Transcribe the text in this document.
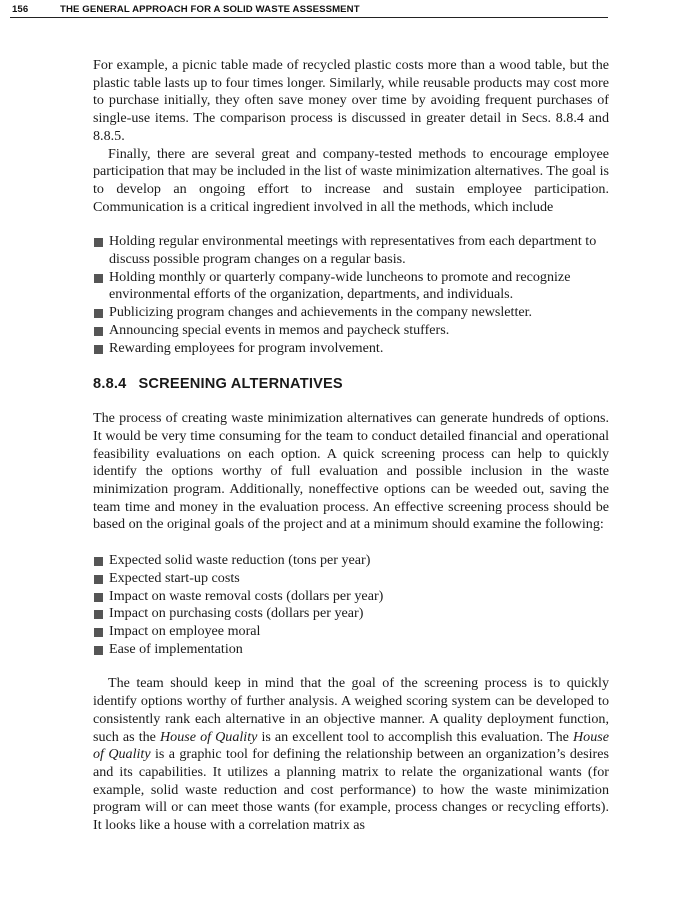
156	THE GENERAL APPROACH FOR A SOLID WASTE ASSESSMENT

For example, a picnic table made of recycled plastic costs more than a wood table, but the plastic table lasts up to four times longer. Similarly, while reusable products may cost more to purchase initially, they often save money over time by avoiding frequent purchases of single-use items. The comparison process is discussed in greater detail in Secs. 8.8.4 and 8.8.5.

Finally, there are several great and company-tested methods to encourage employee participation that may be included in the list of waste minimization alternatives. The goal is to develop an ongoing effort to increase and sustain employee participation. Communication is a critical ingredient involved in all the methods, which include

Holding regular environmental meetings with representatives from each department to discuss possible program changes on a regular basis.
Holding monthly or quarterly company-wide luncheons to promote and recognize environmental efforts of the organization, departments, and individuals.
Publicizing program changes and achievements in the company newsletter.
Announcing special events in memos and paycheck stuffers.
Rewarding employees for program involvement.
8.8.4 SCREENING ALTERNATIVES

The process of creating waste minimization alternatives can generate hundreds of options. It would be very time consuming for the team to conduct detailed financial and operational feasibility evaluations on each option. A quick screening process can help to quickly identify the options worthy of full evaluation and possible inclusion in the waste minimization program. Additionally, noneffective options can be weeded out, saving the team time and money in the evaluation process. An effective screening process should be based on the original goals of the project and at a minimum should examine the following:

Expected solid waste reduction (tons per year)
Expected start-up costs
Impact on waste removal costs (dollars per year)
Impact on purchasing costs (dollars per year)
Impact on employee moral
Ease of implementation

The team should keep in mind that the goal of the screening process is to quickly identify options worthy of further analysis. A weighed scoring system can be developed to consistently rank each alternative in an objective manner. A quality deployment function, such as the House of Quality is an excellent tool to accomplish this evaluation. The House of Quality is a graphic tool for defining the relationship between an organization’s desires and its capabilities. It utilizes a planning matrix to relate the organizational wants (for example, solid waste reduction and cost performance) to how the waste minimization program will or can meet those wants (for example, process changes or recycling efforts). It looks like a house with a correlation matrix as
